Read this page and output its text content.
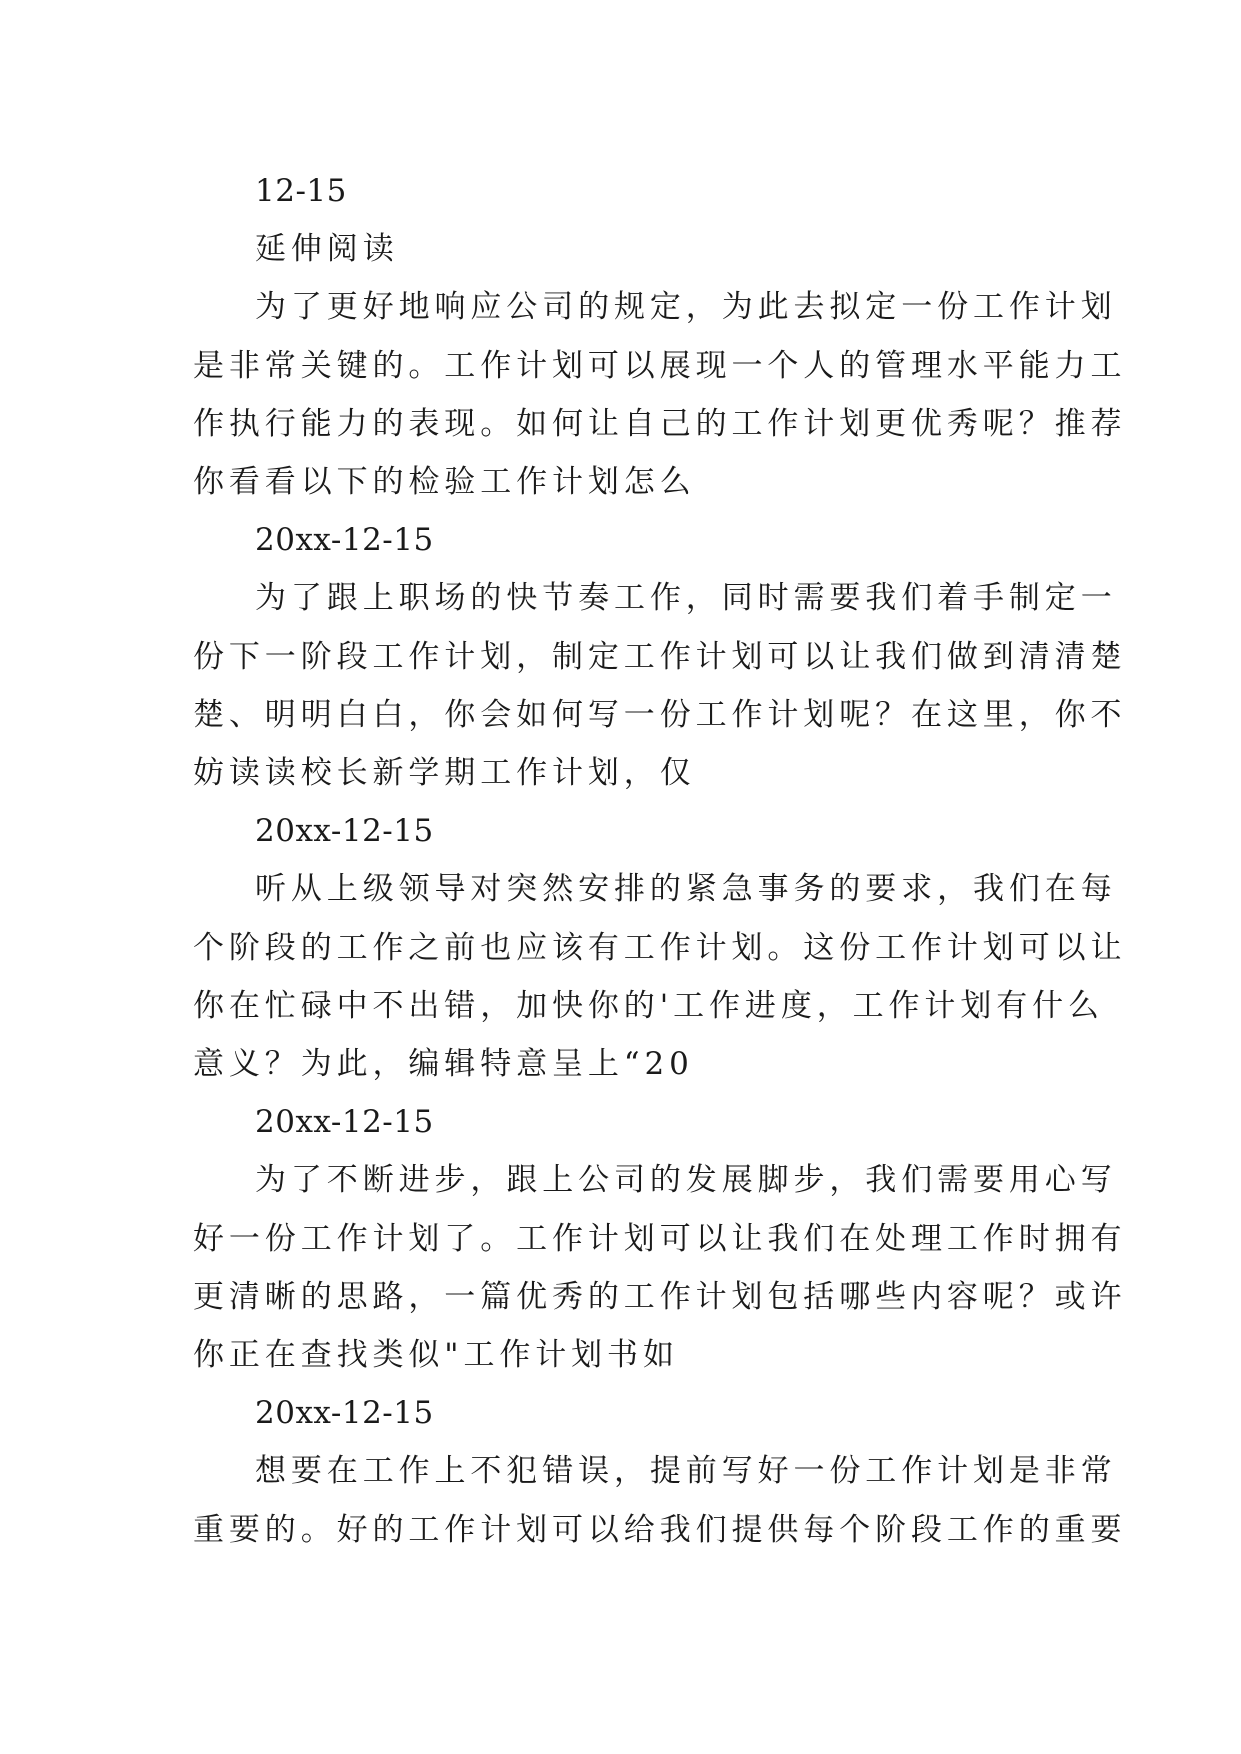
12-15

延伸阅读

为了更好地响应公司的规定，为此去拟定一份工作计划

是非常关键的。工作计划可以展现一个人的管理水平能力工

作执行能力的表现。如何让自己的工作计划更优秀呢？推荐

你看看以下的检验工作计划怎么

20xx-12-15

为了跟上职场的快节奏工作，同时需要我们着手制定一

份下一阶段工作计划，制定工作计划可以让我们做到清清楚

楚、明明白白，你会如何写一份工作计划呢？在这里，你不

妨读读校长新学期工作计划，仅

20xx-12-15

听从上级领导对突然安排的紧急事务的要求，我们在每

个阶段的工作之前也应该有工作计划。这份工作计划可以让

你在忙碌中不出错，加快你的'工作进度，工作计划有什么

意义？为此，编辑特意呈上“20

20xx-12-15

为了不断进步，跟上公司的发展脚步，我们需要用心写

好一份工作计划了。工作计划可以让我们在处理工作时拥有

更清晰的思路，一篇优秀的工作计划包括哪些内容呢？或许

你正在查找类似"工作计划书如

20xx-12-15

想要在工作上不犯错误，提前写好一份工作计划是非常

重要的。好的工作计划可以给我们提供每个阶段工作的重要
